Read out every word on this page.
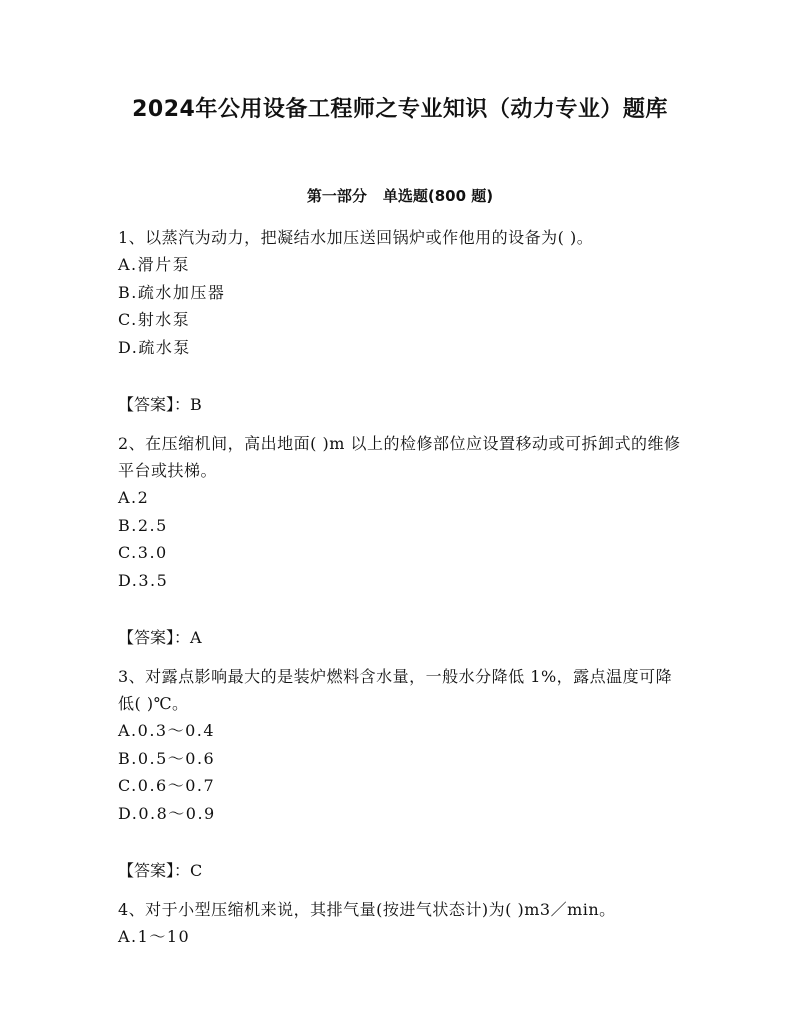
2024年公用设备工程师之专业知识（动力专业）题库
第一部分 单选题(800 题)
1、以蒸汽为动力，把凝结水加压送回锅炉或作他用的设备为( )。
A.滑片泵
B.疏水加压器
C.射水泵
D.疏水泵
【答案】：B
2、在压缩机间，高出地面( )m 以上的检修部位应设置移动或可拆卸式的维修平台或扶梯。
A.2
B.2.5
C.3.0
D.3.5
【答案】：A
3、对露点影响最大的是装炉燃料含水量，一般水分降低 1%，露点温度可降低( )℃。
A.0.3～0.4
B.0.5～0.6
C.0.6～0.7
D.0.8～0.9
【答案】：C
4、对于小型压缩机来说，其排气量(按进气状态计)为( )m3／min。
A.1～10
